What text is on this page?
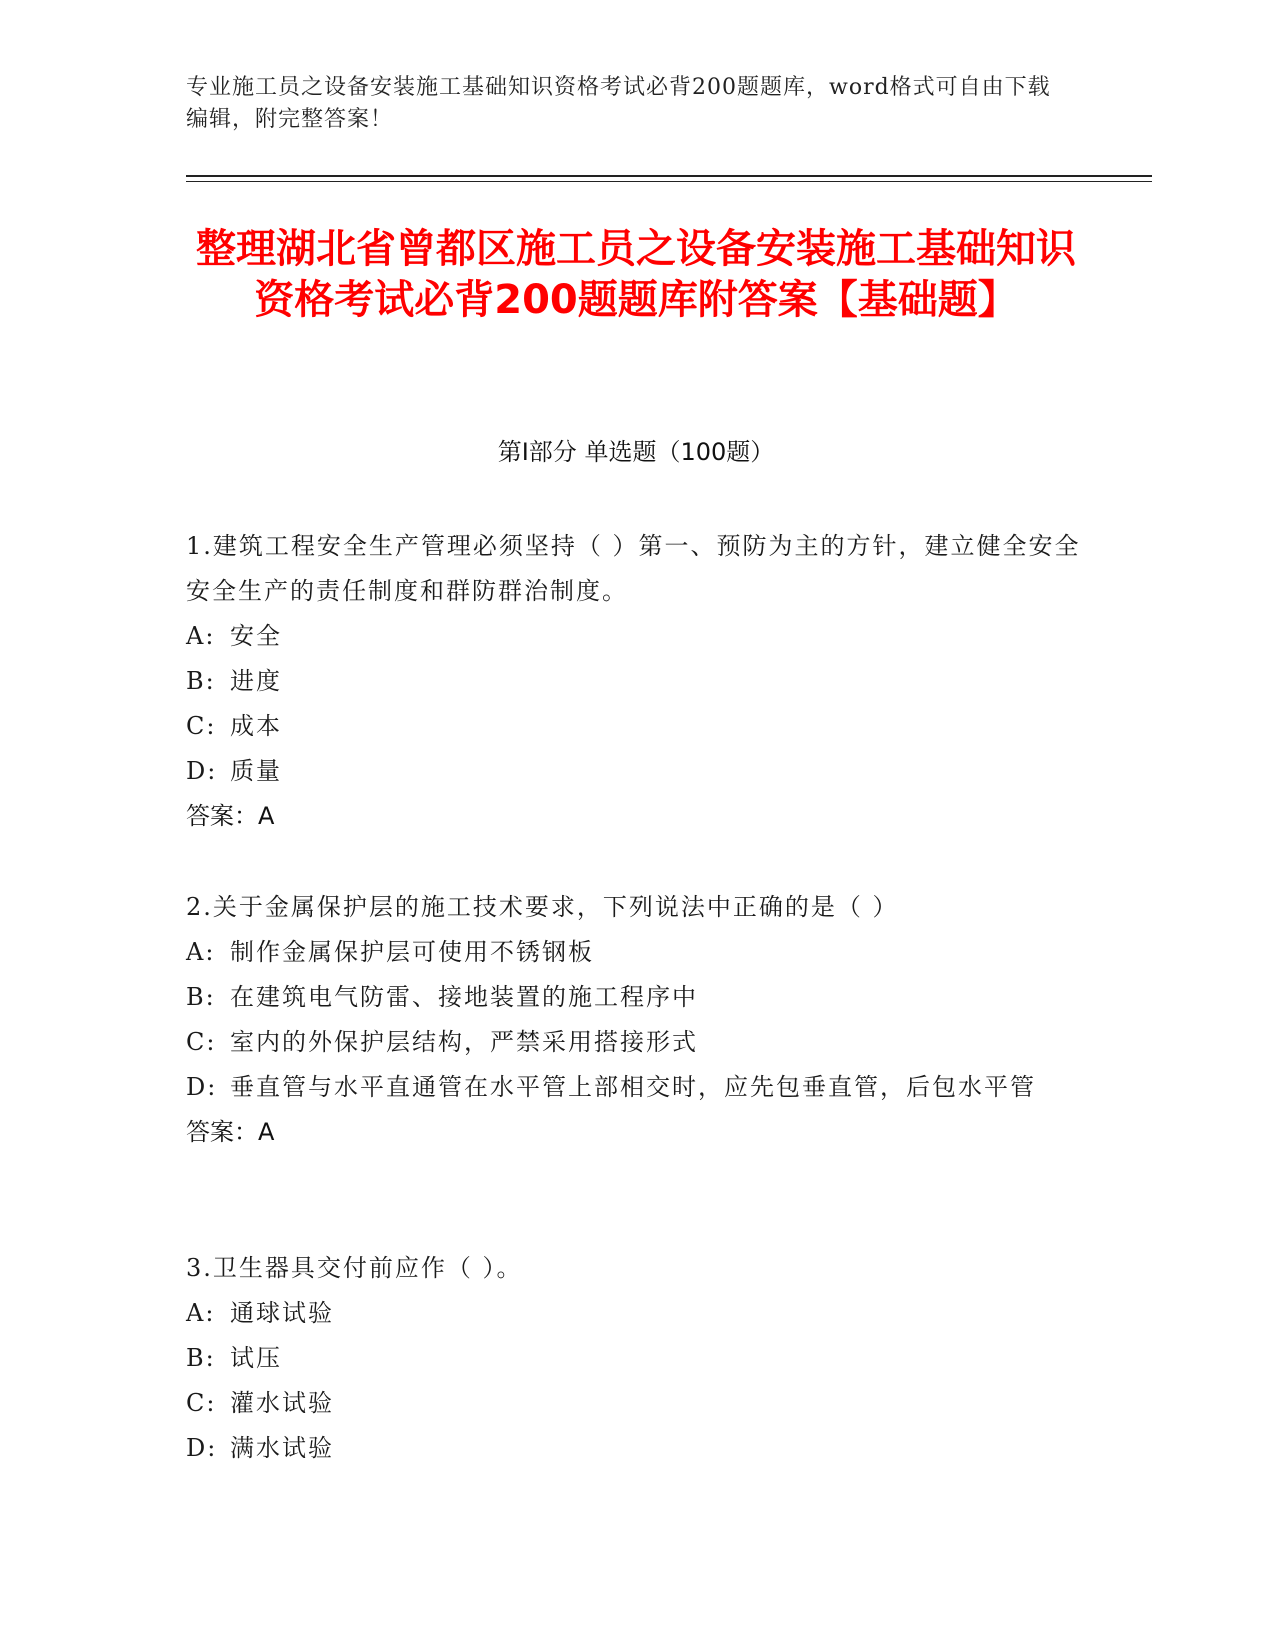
专业施工员之设备安装施工基础知识资格考试必背200题题库，word格式可自由下载编辑，附完整答案！
整理湖北省曾都区施工员之设备安装施工基础知识资格考试必背200题题库附答案【基础题】
第Ⅰ部分 单选题（100题）
1.建筑工程安全生产管理必须坚持（ ）第一、预防为主的方针，建立健全安全安全生产的责任制度和群防群治制度。
A: 安全
B: 进度
C: 成本
D: 质量
答案：A
2.关于金属保护层的施工技术要求，下列说法中正确的是（ ）
A: 制作金属保护层可使用不锈钢板
B: 在建筑电气防雷、接地装置的施工程序中
C: 室内的外保护层结构，严禁采用搭接形式
D: 垂直管与水平直通管在水平管上部相交时，应先包垂直管，后包水平管
答案：A
3.卫生器具交付前应作（ ）。
A: 通球试验
B: 试压
C: 灌水试验
D: 满水试验
